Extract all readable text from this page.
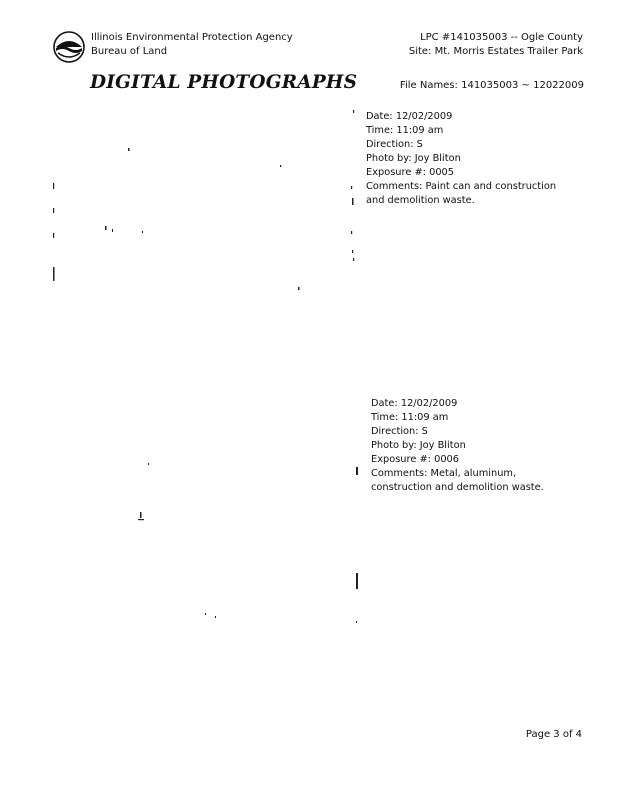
Illinois Environmental Protection Agency
Bureau of Land
LPC #141035003 -- Ogle County
Site: Mt. Morris Estates Trailer Park
DIGITAL PHOTOGRAPHS	File Names: 141035003 ~ 12022009
Date: 12/02/2009
Time: 11:09 am
Direction: S
Photo by: Joy Bliton
Exposure #: 0005
Comments: Paint can and construction
and demolition waste.
Date: 12/02/2009
Time: 11:09 am
Direction: S
Photo by: Joy Bliton
Exposure #: 0006
Comments: Metal, aluminum,
construction and demolition waste.
Page 3 of 4
